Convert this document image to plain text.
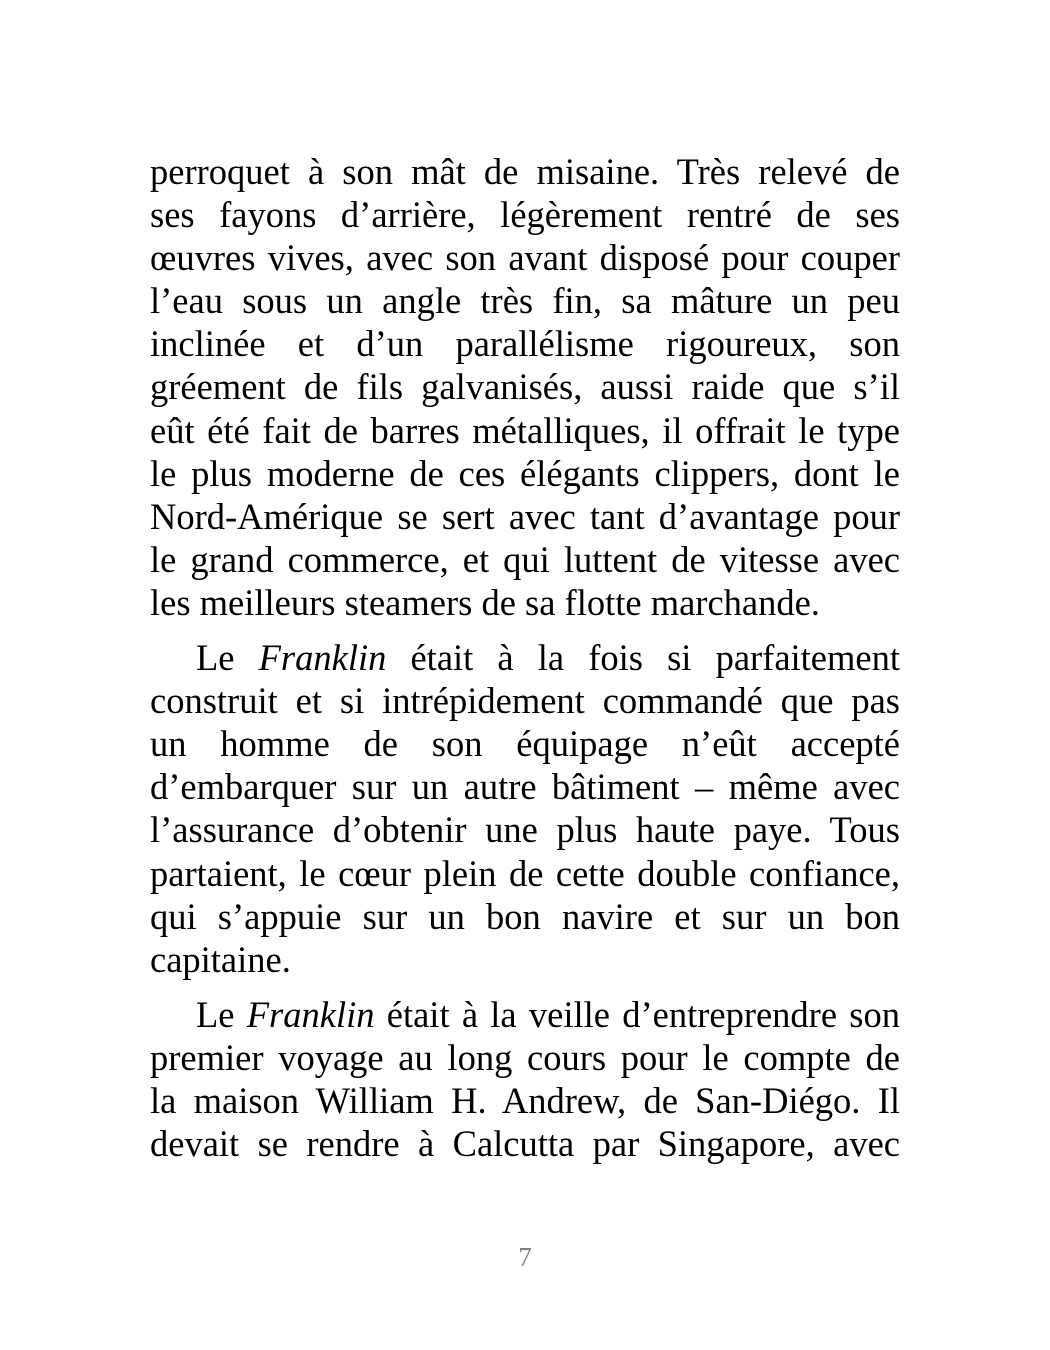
perroquet à son mât de misaine. Très relevé de
ses fayons d’arrière, légèrement rentré de ses
œuvres vives, avec son avant disposé pour couper
l’eau sous un angle très fin, sa mâture un peu
inclinée et d’un parallélisme rigoureux, son
gréement de fils galvanisés, aussi raide que s’il
eût été fait de barres métalliques, il offrait le type
le plus moderne de ces élégants clippers, dont le
Nord-Amérique se sert avec tant d’avantage pour
le grand commerce, et qui luttent de vitesse avec
les meilleurs steamers de sa flotte marchande.

Le Franklin était à la fois si parfaitement
construit et si intrépidement commandé que pas
un homme de son équipage n’eût accepté
d’embarquer sur un autre bâtiment – même avec
l’assurance d’obtenir une plus haute paye. Tous
partaient, le cœur plein de cette double confiance,
qui s’appuie sur un bon navire et sur un bon
capitaine.

Le Franklin était à la veille d’entreprendre son
premier voyage au long cours pour le compte de
la maison William H. Andrew, de San-Diégo. Il
devait se rendre à Calcutta par Singapore, avec

7
